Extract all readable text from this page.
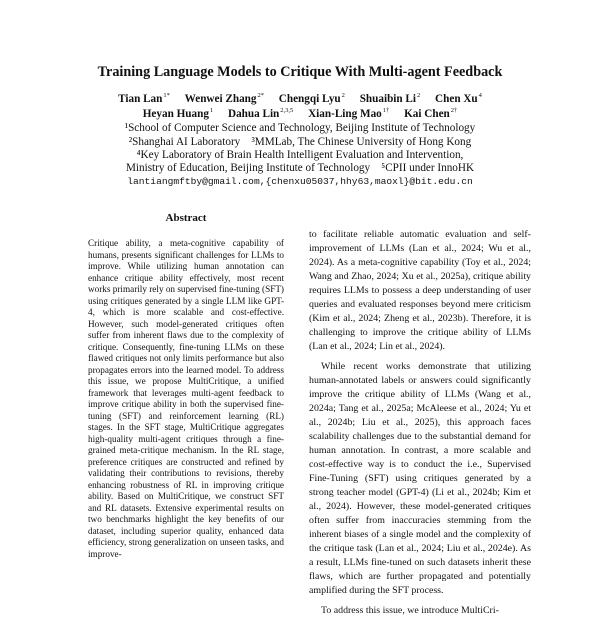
Training Language Models to Critique With Multi-agent Feedback
Tian Lan$^{1*}$ Wenwei Zhang$^{2*}$ Chengqi Lyu$^2$ Shuaibin Li$^2$ Chen Xu$^4$
Heyan Huang$^1$ Dahua Lin$^{2,3,5}$ Xian-Ling Mao$^{1\dagger}$ Kai Chen$^{2\dagger}$
¹School of Computer Science and Technology, Beijing Institute of Technology
²Shanghai AI Laboratory    ³MMLab, The Chinese University of Hong Kong
⁴Key Laboratory of Brain Health Intelligent Evaluation and Intervention,
Ministry of Education, Beijing Institute of Technology    ⁵CPII under InnoHK
lantiangmftby@gmail.com,{chenxu05037,hhy63,maoxl}@bit.edu.cn
Abstract
Critique ability, a meta-cognitive capability of humans, presents significant challenges for LLMs to improve. While utilizing human annotation can enhance critique ability effectively, most recent works primarily rely on supervised fine-tuning (SFT) using critiques generated by a single LLM like GPT-4, which is more scalable and cost-effective. However, such model-generated critiques often suffer from inherent flaws due to the complexity of critique. Consequently, fine-tuning LLMs on these flawed critiques not only limits performance but also propagates errors into the learned model. To address this issue, we propose MultiCritique, a unified framework that leverages multi-agent feedback to improve critique ability in both the supervised fine-tuning (SFT) and reinforcement learning (RL) stages. In the SFT stage, MultiCritique aggregates high-quality multi-agent critiques through a fine-grained meta-critique mechanism. In the RL stage, preference critiques are constructed and refined by validating their contributions to revisions, thereby enhancing robustness of RL in improving critique ability. Based on MultiCritique, we construct SFT and RL datasets. Extensive experimental results on two benchmarks highlight the key benefits of our dataset, including superior quality, enhanced data efficiency, strong generalization on unseen tasks, and improve-

to facilitate reliable automatic evaluation and self-improvement of LLMs (Lan et al., 2024; Wu et al., 2024). As a meta-cognitive capability (Toy et al., 2024; Wang and Zhao, 2024; Xu et al., 2025a), critique ability requires LLMs to possess a deep understanding of user queries and evaluated responses beyond mere criticism (Kim et al., 2024; Zheng et al., 2023b). Therefore, it is challenging to improve the critique ability of LLMs (Lan et al., 2024; Lin et al., 2024).

While recent works demonstrate that utilizing human-annotated labels or answers could significantly improve the critique ability of LLMs (Wang et al., 2024a; Tang et al., 2025a; McAleese et al., 2024; Yu et al., 2024b; Liu et al., 2025), this approach faces scalability challenges due to the substantial demand for human annotation. In contrast, a more scalable and cost-effective way is to conduct the i.e., Supervised Fine-Tuning (SFT) using critiques generated by a strong teacher model (GPT-4) (Li et al., 2024b; Kim et al., 2024). However, these model-generated critiques often suffer from inaccuracies stemming from the inherent biases of a single model and the complexity of the critique task (Lan et al., 2024; Liu et al., 2024e). As a result, LLMs fine-tuned on such datasets inherit these flaws, which are further propagated and potentially amplified during the SFT process.

To address this issue, we introduce MultiCri-
